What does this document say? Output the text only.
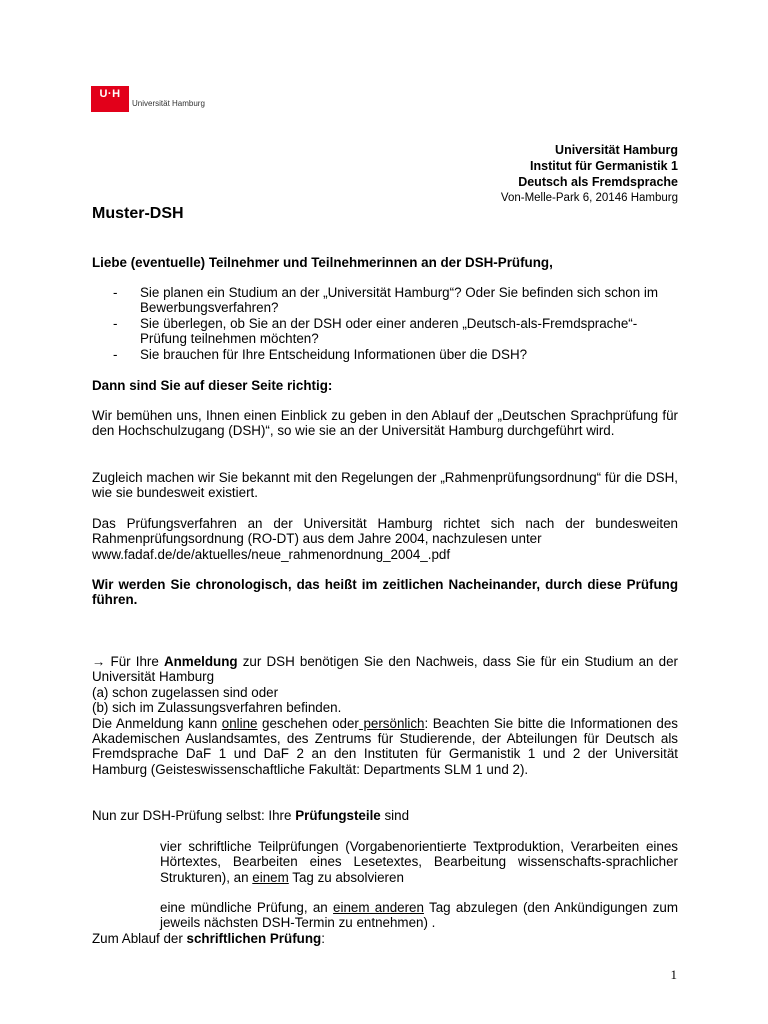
U·H
Universität Hamburg
Universität Hamburg
Institut für Germanistik 1
Deutsch als Fremdsprache
Von-Melle-Park 6, 20146 Hamburg
Muster-DSH
Liebe (eventuelle) Teilnehmer und Teilnehmerinnen an der DSH-Prüfung,
- Sie planen ein Studium an der „Universität Hamburg“? Oder Sie befinden sich schon im Bewerbungsverfahren?
- Sie überlegen, ob Sie an der DSH oder einer anderen „Deutsch-als-Fremdsprache“-Prüfung teilnehmen möchten?
- Sie brauchen für Ihre Entscheidung Informationen über die DSH?
Dann sind Sie auf dieser Seite richtig:
Wir bemühen uns, Ihnen einen Einblick zu geben in den Ablauf der „Deutschen Sprachprüfung für den Hochschulzugang (DSH)“, so wie sie an der Universität Hamburg durchgeführt wird.
Zugleich machen wir Sie bekannt mit den Regelungen der „Rahmenprüfungsordnung“ für die DSH, wie sie bundesweit existiert.
Das Prüfungsverfahren an der Universität Hamburg richtet sich nach der bundesweiten Rahmenprüfungsordnung (RO-DT) aus dem Jahre 2004, nachzulesen unter
www.fadaf.de/de/aktuelles/neue_rahmenordnung_2004_.pdf
Wir werden Sie chronologisch, das heißt im zeitlichen Nacheinander, durch diese Prüfung führen.
→ Für Ihre Anmeldung zur DSH benötigen Sie den Nachweis, dass Sie für ein Studium an der Universität Hamburg
(a) schon zugelassen sind oder
(b) sich im Zulassungsverfahren befinden.
Die Anmeldung kann online geschehen oder persönlich: Beachten Sie bitte die Informationen des Akademischen Auslandsamtes, des Zentrums für Studierende, der Abteilungen für Deutsch als Fremdsprache DaF 1 und DaF 2 an den Instituten für Germanistik 1 und 2 der Universität Hamburg (Geisteswissenschaftliche Fakultät: Departments SLM 1 und 2).
Nun zur DSH-Prüfung selbst: Ihre Prüfungsteile sind
vier schriftliche Teilprüfungen (Vorgabenorientierte Textproduktion, Verarbeiten eines Hörtextes, Bearbeiten eines Lesetextes, Bearbeitung wissenschafts-sprachlicher Strukturen), an einem Tag zu absolvieren
eine mündliche Prüfung, an einem anderen Tag abzulegen (den Ankündigungen zum jeweils nächsten DSH-Termin zu entnehmen) .
Zum Ablauf der schriftlichen Prüfung:
1
